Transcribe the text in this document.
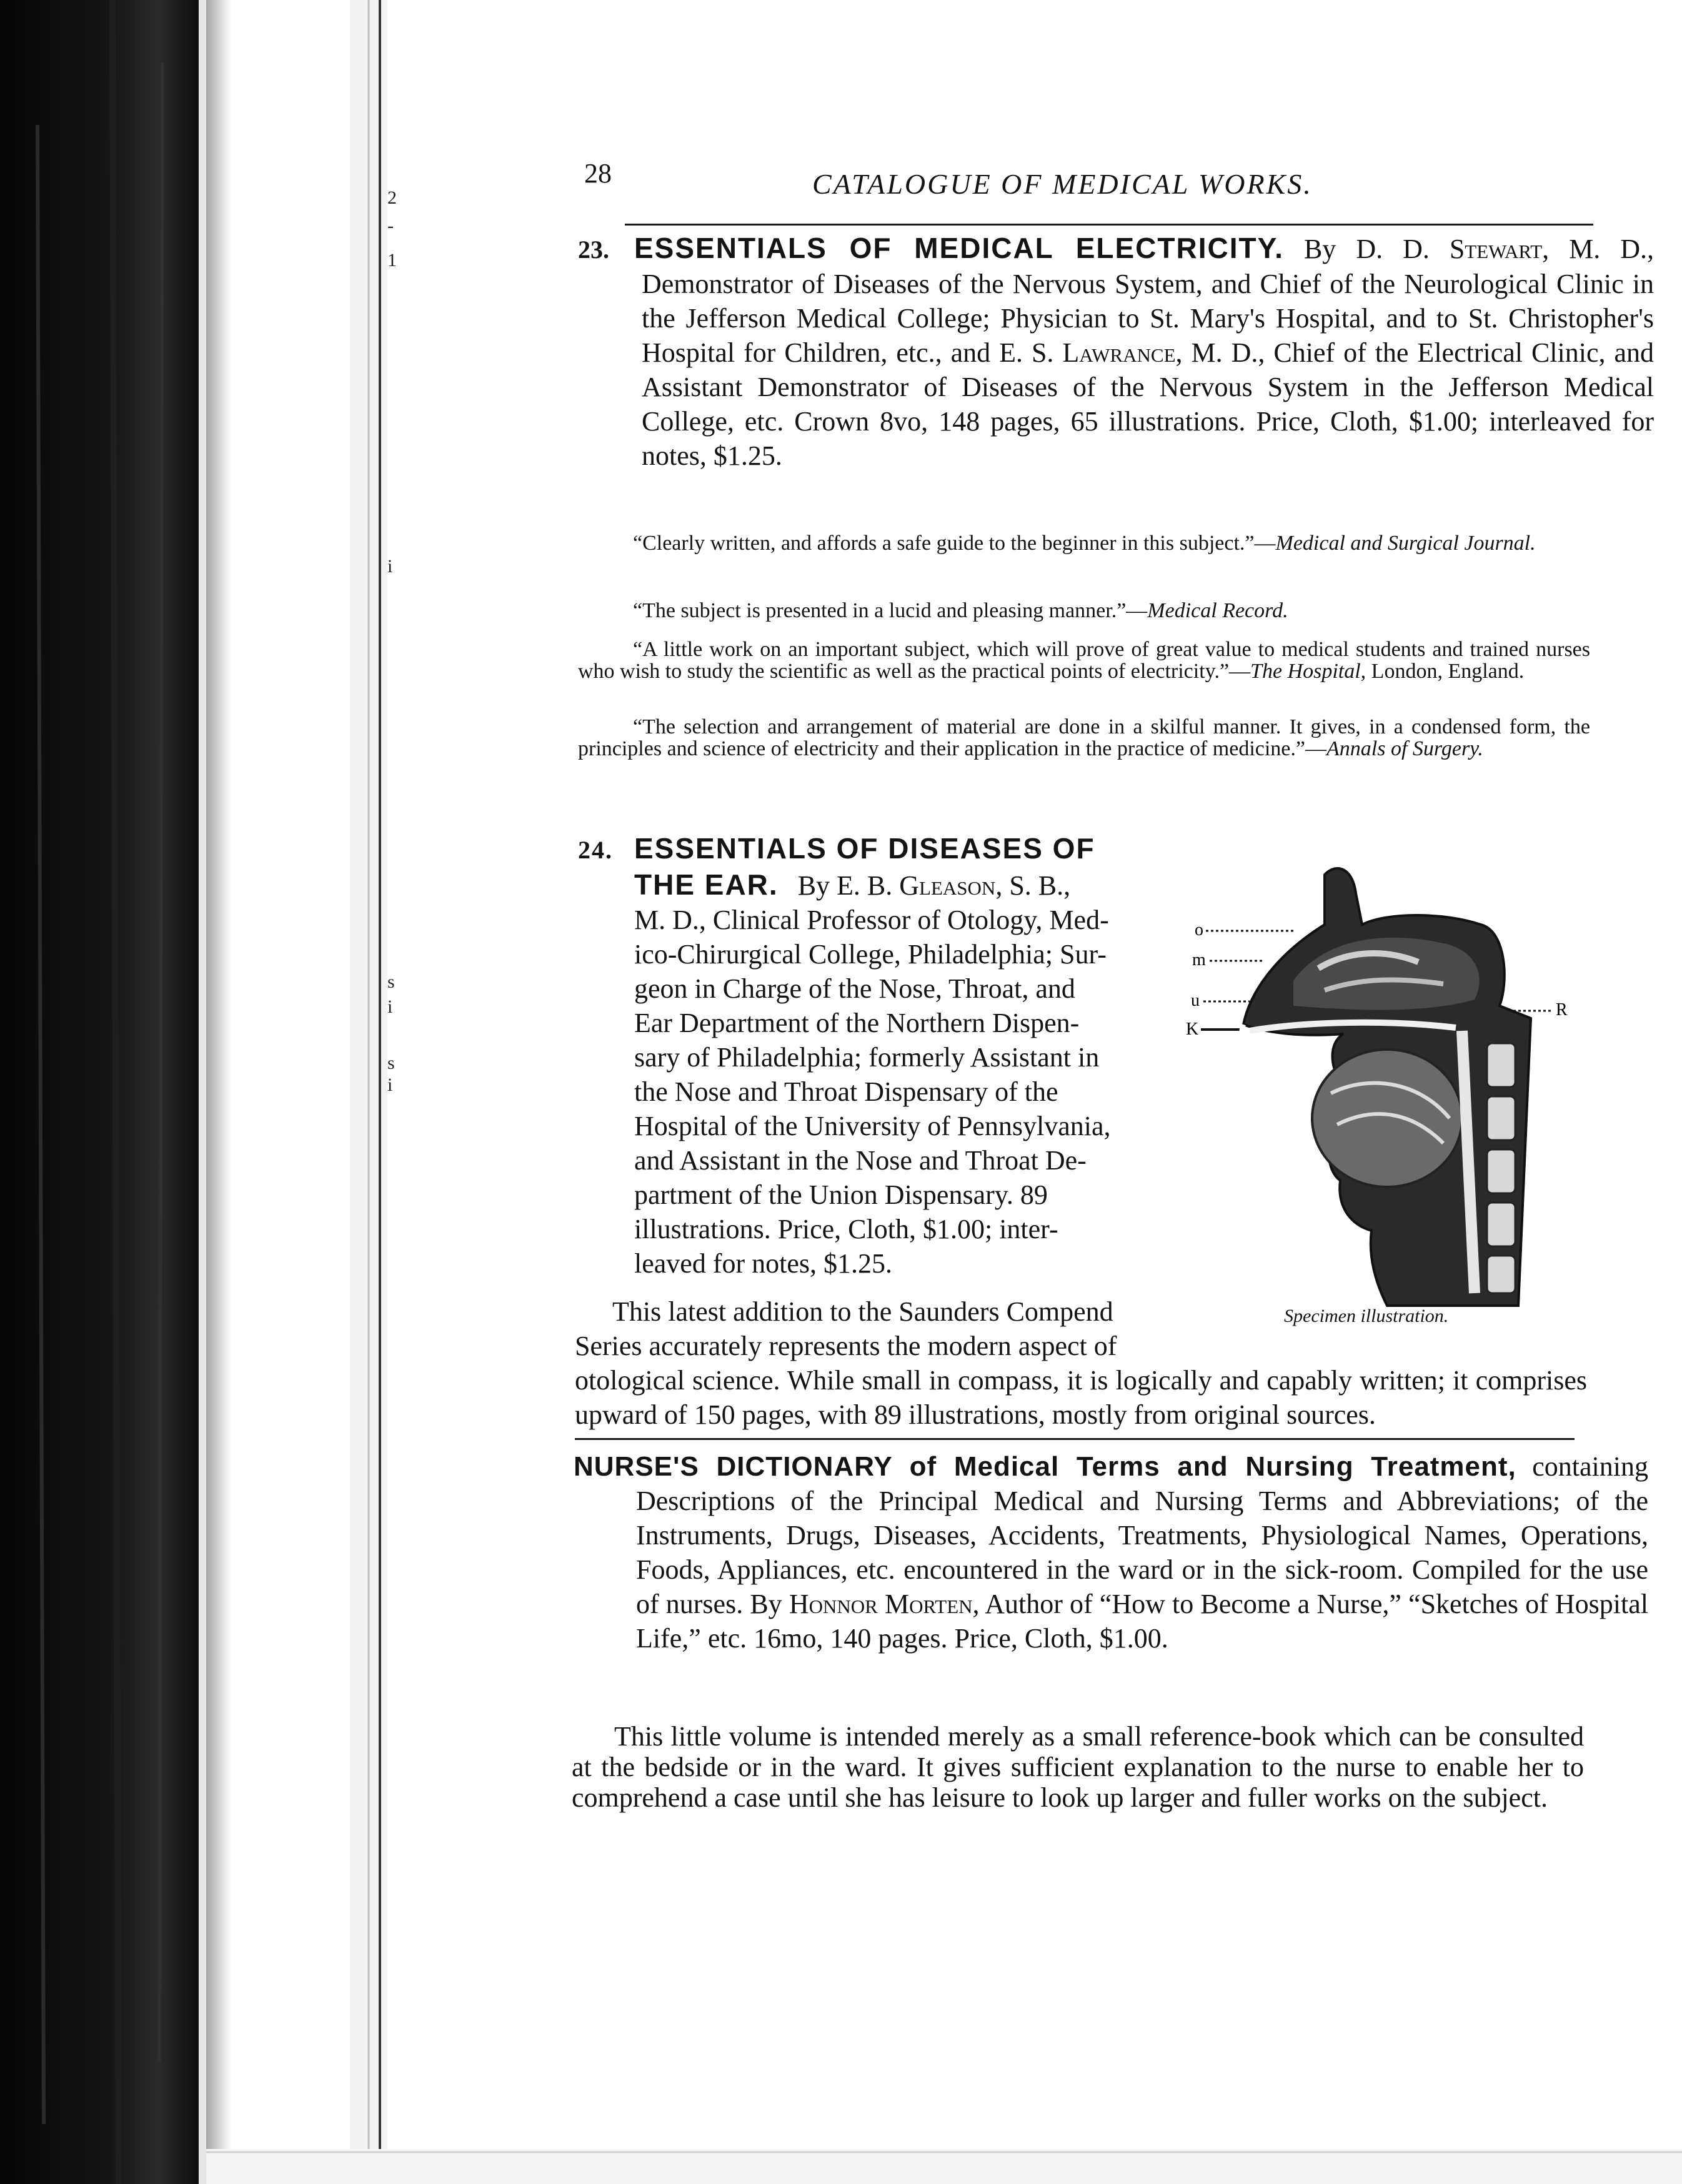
2
-
1
i
s
i
s
i
28	CATALOGUE OF MEDICAL WORKS.
23. ESSENTIALS OF MEDICAL ELECTRICITY. By D. D. Stewart, M. D., Demonstrator of Diseases of the Nervous System, and Chief of the Neurological Clinic in the Jefferson Medical College; Physician to St. Mary's Hospital, and to St. Christopher's Hospital for Children, etc., and E. S. Lawrance, M. D., Chief of the Electrical Clinic, and Assistant Demonstrator of Diseases of the Nervous System in the Jefferson Medical College, etc. Crown 8vo, 148 pages, 65 illustrations. Price, Cloth, $1.00; interleaved for notes, $1.25.
“Clearly written, and affords a safe guide to the beginner in this subject.”—Medical and Surgical Journal.
“The subject is presented in a lucid and pleasing manner.”—Medical Record.
“A little work on an important subject, which will prove of great value to medical students and trained nurses who wish to study the scientific as well as the practical points of electricity.”—The Hospital, London, England.
“The selection and arrangement of material are done in a skilful manner. It gives, in a condensed form, the principles and science of electricity and their application in the practice of medicine.”—Annals of Surgery.
24. ESSENTIALS OF DISEASES OF
THE EAR. By E. B. Gleason, S. B.,
M. D., Clinical Professor of Otology, Med-
ico-Chirurgical College, Philadelphia; Sur-
geon in Charge of the Nose, Throat, and
Ear Department of the Northern Dispen-
sary of Philadelphia; formerly Assistant in
the Nose and Throat Dispensary of the
Hospital of the University of Pennsylvania,
and Assistant in the Nose and Throat De-
partment of the Union Dispensary. 89
illustrations. Price, Cloth, $1.00; inter-
leaved for notes, $1.25.
o
m
u
K
R
Specimen illustration.
This latest addition to the Saunders Compend
Series accurately represents the modern aspect of
otological science. While small in compass, it is logically and capably written; it comprises upward of 150 pages, with 89 illustrations, mostly from original sources.
NURSE'S DICTIONARY of Medical Terms and Nursing Treatment, containing Descriptions of the Principal Medical and Nursing Terms and Abbreviations; of the Instruments, Drugs, Diseases, Accidents, Treatments, Physiological Names, Operations, Foods, Appliances, etc. encountered in the ward or in the sick-room. Compiled for the use of nurses. By Honnor Morten, Author of “How to Become a Nurse,” “Sketches of Hospital Life,” etc. 16mo, 140 pages. Price, Cloth, $1.00.
This little volume is intended merely as a small reference-book which can be consulted at the bedside or in the ward. It gives sufficient explanation to the nurse to enable her to comprehend a case until she has leisure to look up larger and fuller works on the subject.
